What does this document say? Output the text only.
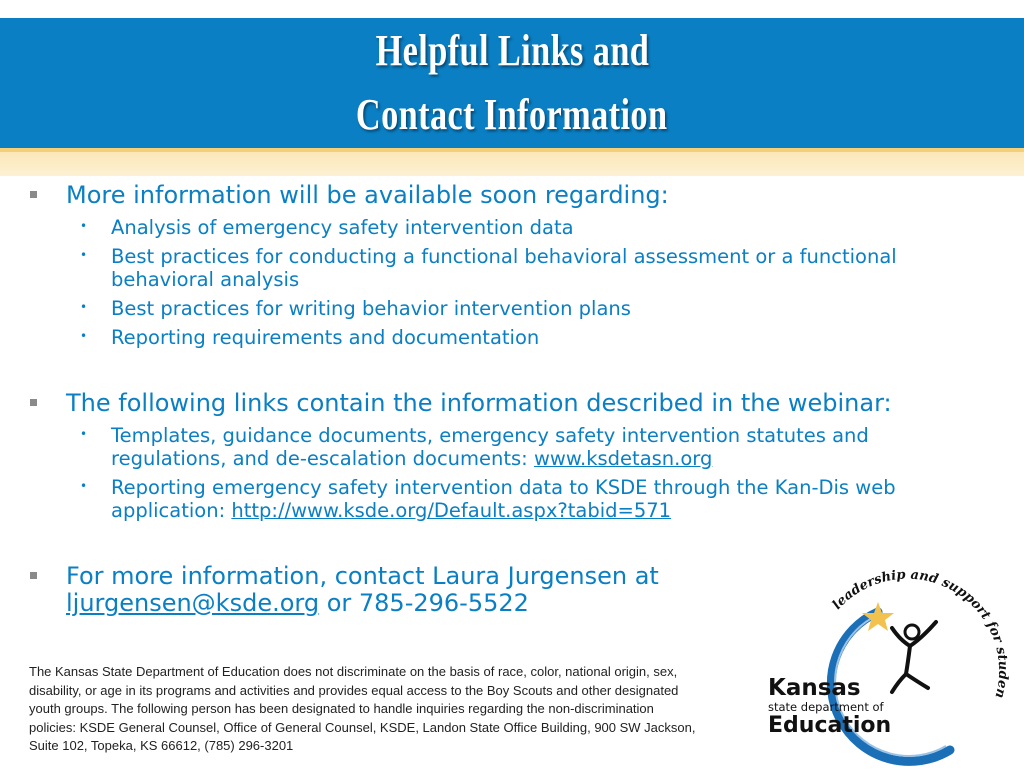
Helpful Links and
Contact Information
More information will be available soon regarding:
• Analysis of emergency safety intervention data
• Best practices for conducting a functional behavioral assessment or a functional
behavioral analysis
• Best practices for writing behavior intervention plans
• Reporting requirements and documentation
The following links contain the information described in the webinar:
• Templates, guidance documents, emergency safety intervention statutes and
regulations, and de-escalation documents: www.ksdetasn.org
• Reporting emergency safety intervention data to KSDE through the Kan-Dis web
application: http://www.ksde.org/Default.aspx?tabid=571
For more information, contact Laura Jurgensen at
ljurgensen@ksde.org or 785-296-5522
The Kansas State Department of Education does not discriminate on the basis of race, color, national origin, sex,
disability, or age in its programs and activities and provides equal access to the Boy Scouts and other designated
youth groups. The following person has been designated to handle inquiries regarding the non-discrimination
policies: KSDE General Counsel, Office of General Counsel, KSDE, Landon State Office Building, 900 SW Jackson,
Suite 102, Topeka, KS 66612, (785) 296-3201
leadership and support for studen
Kansas
state department of
Education
